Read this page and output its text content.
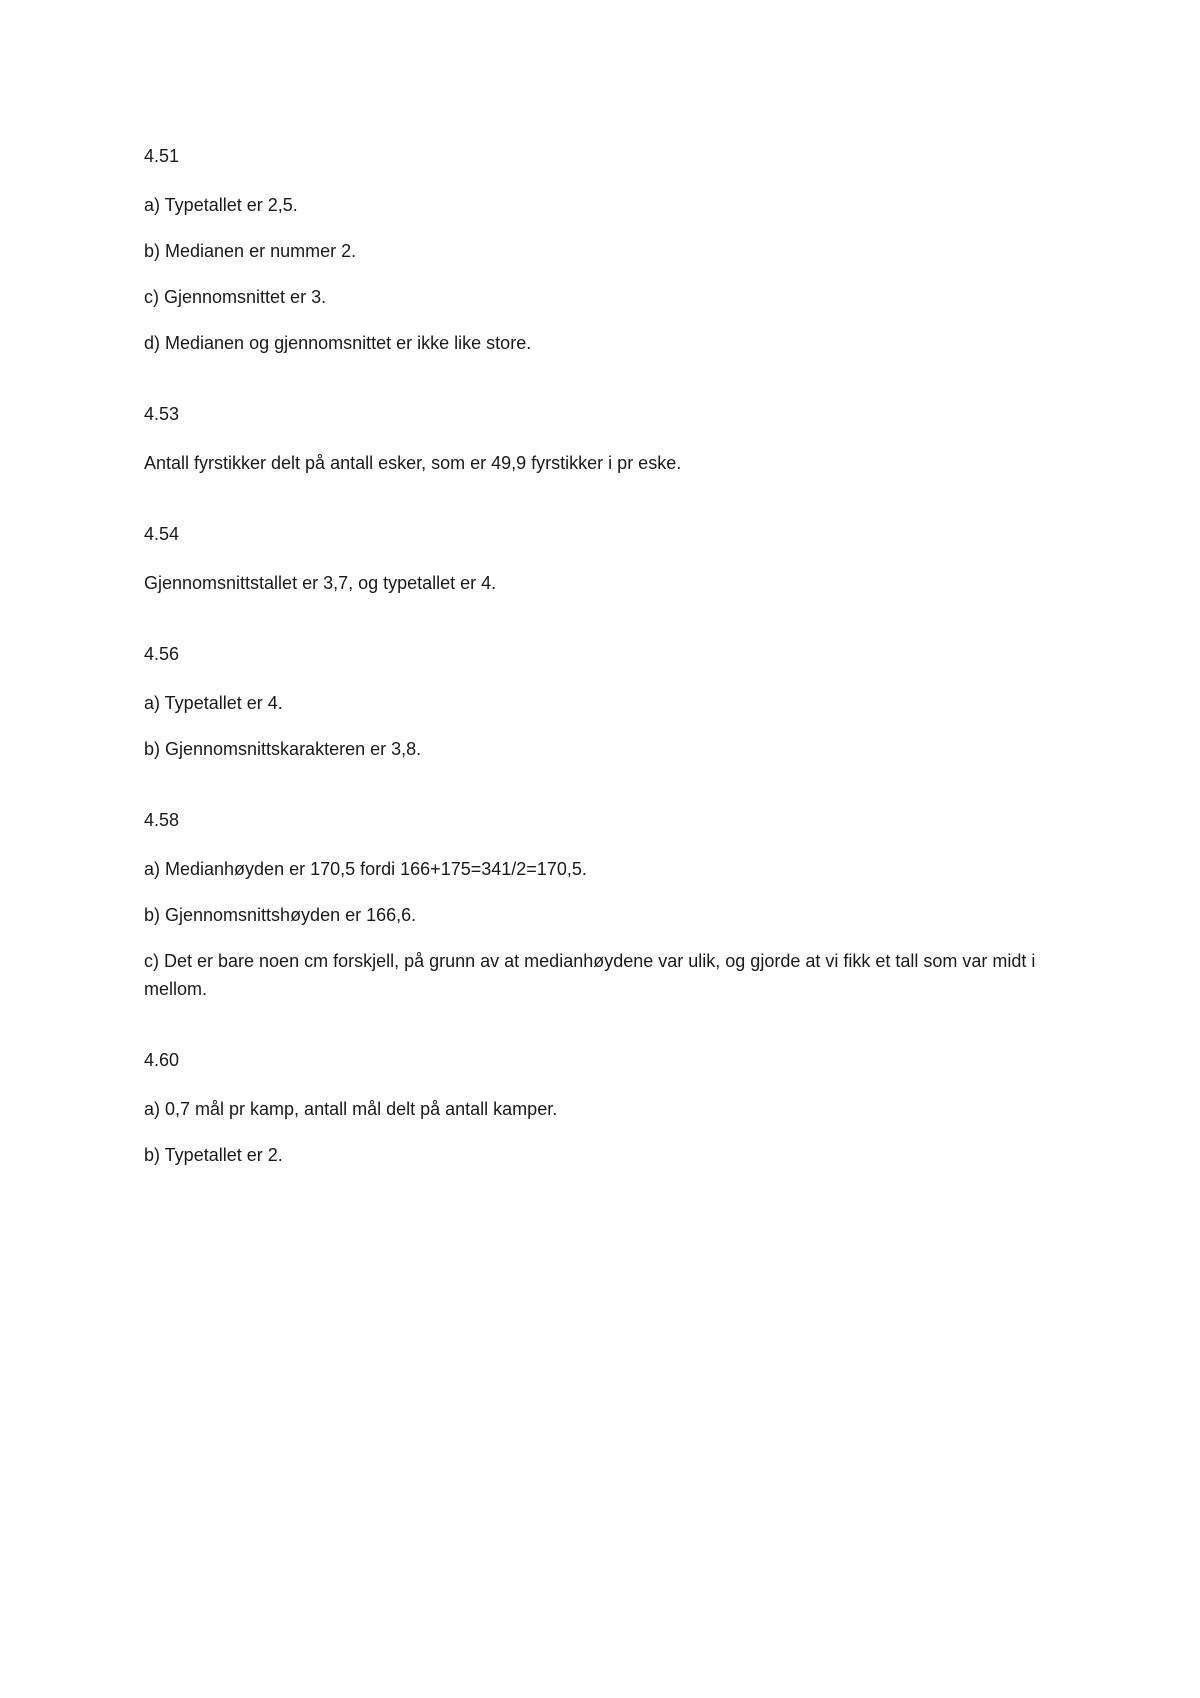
4.51
a) Typetallet er 2,5.
b) Medianen er nummer 2.
c) Gjennomsnittet er 3.
d) Medianen og gjennomsnittet er ikke like store.
4.53
Antall fyrstikker delt på antall esker, som er 49,9 fyrstikker i pr eske.
4.54
Gjennomsnittstallet er 3,7, og typetallet er 4.
4.56
a) Typetallet er 4.
b) Gjennomsnittskarakteren er 3,8.
4.58
a) Medianhøyden er 170,5 fordi 166+175=341/2=170,5.
b) Gjennomsnittshøyden er 166,6.
c) Det er bare noen cm forskjell, på grunn av at medianhøydene var ulik, og gjorde at vi fikk et tall som var midt i mellom.
4.60
a) 0,7 mål pr kamp, antall mål delt på antall kamper.
b) Typetallet er 2.
